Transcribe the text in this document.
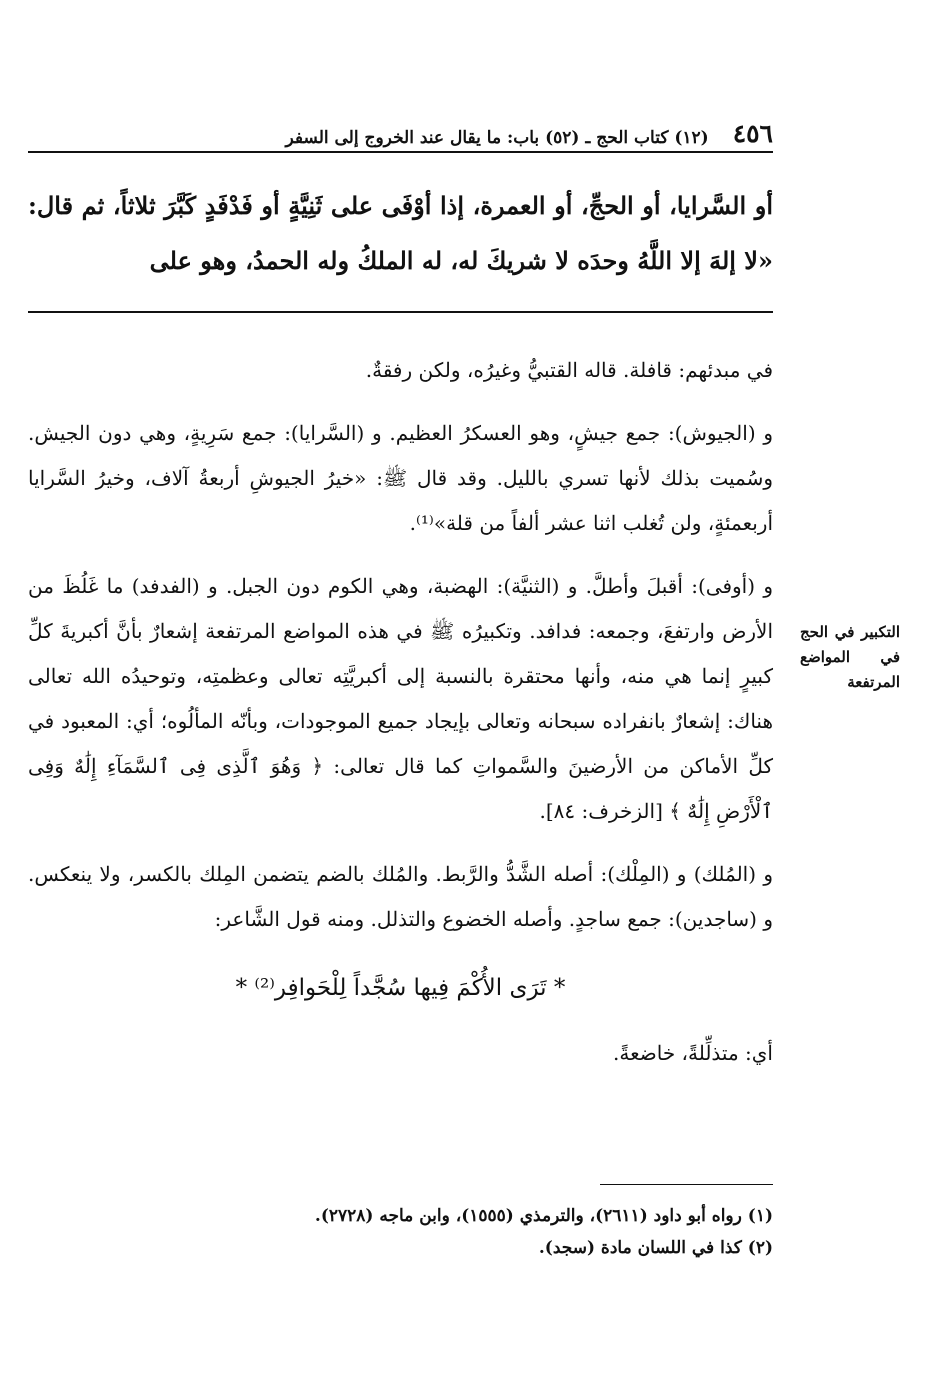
٤٥٦
(١٢) كتاب الحج ـ (٥٢) باب: ما يقال عند الخروج إلى السفر
أو السَّرايا، أو الحجِّ، أو العمرة، إذا أوْفَى على ثَنِيَّةٍ أو فَدْفَدٍ كَبَّرَ ثلاثاً، ثم قال: «لا إلهَ إلا اللَّهُ وحدَه لا شريكَ له، له الملكُ وله الحمدُ، وهو على

في مبدئهم: قافلة. قاله القتبيُّ وغيرُه، ولكن رفقةٌ.

و (الجيوش): جمع جيشٍ، وهو العسكرُ العظيم. و (السَّرايا): جمع سَرِيةٍ، وهي دون الجيش. وسُميت بذلك لأنها تسري بالليل. وقد قال ﷺ: «خيرُ الجيوشِ أربعةُ آلاف، وخيرُ السَّرايا أربعمئةٍ، ولن تُغلب اثنا عشر ألفاً من قلة»⁽¹⁾.

و (أوفى): أقبلَ وأطلَّ. و (الثنيَّة): الهضبة، وهي الكوم دون الجبل. و (الفدفد) ما غَلُظَ من الأرض وارتفعَ، وجمعه: فدافد. وتكبيرُه ﷺ في هذه المواضع المرتفعة إشعارٌ بأنَّ أكبريةَ كلِّ كبيرٍ إنما هي منه، وأنها محتقرة بالنسبة إلى أكبريَّتِه تعالى وعظمتِه، وتوحيدُه الله تعالى هناك: إشعارٌ بانفراده سبحانه وتعالى بإيجاد جميع الموجودات، وبأنّه المألُوه؛ أي: المعبود في كلِّ الأماكن من الأرضينَ والسَّمواتِ كما قال تعالى: ﴿ وَهُوَ ٱلَّذِى فِى ٱلسَّمَآءِ إِلَٰهٌ وَفِى ٱلْأَرْضِ إِلَٰهٌ ﴾ [الزخرف: ٨٤].

و (المُلك) و (المِلْك): أصله الشَّدُّ والرَّبط. والمُلك بالضم يتضمن المِلك بالكسر، ولا ينعكس. و (ساجدين): جمع ساجدٍ. وأصله الخضوع والتذلل. ومنه قول الشَّاعر:

* تَرَى الأُكْمَ فِيها سُجَّداً لِلْحَوافِر⁽²⁾ *

أي: متذلِّلةً، خاضعةً.

التكبير في الحج في المواضع المرتفعة

(١) رواه أبو داود (٢٦١١)، والترمذي (١٥٥٥)، وابن ماجه (٢٧٢٨).

(٢) كذا في اللسان مادة (سجد).
